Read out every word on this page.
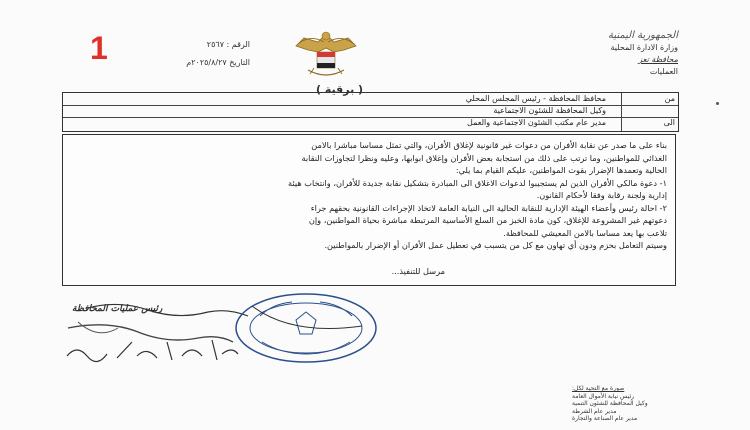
الجمهورية اليمنية
وزارة الادارة المحلية
محافظة تعز
العمليات
الرقم : ٢٥٦٧
التاريخ ٢٠٢٥/٨/٢٧م
1
( برقية )
من
محافظ المحافظة - رئيس المجلس المحلي
وكيل المحافظة للشئون الاجتماعية
الى
مدير عام مكتب الشئون الاجتماعية والعمل
بناء على ما صدر عن نقابة الأفران من دعوات غير قانونية لإغلاق الأفران، والتي تمثل مساسا مباشرا بالامن
الغذائي للمواطنين، وما ترتب على ذلك من استجابة بعض الأفران وإغلاق ابوابها، وعليه ونظرا لتجاوزات النقابة
الحالية وتعمدها الإضرار بقوت المواطنين، عليكم القيام بما يلي:
١- دعوة مالكي الأفران الذين لم يستجيبوا لدعوات الاغلاق الى المبادرة بتشكيل نقابة جديدة للأفران، وانتخاب هيئة
إدارية ولجنة رقابة وفقا لأحكام القانون.
٢- احالة رئيس وأعضاء الهيئة الإدارية للنقابة الحالية الى النيابة العامة لاتخاذ الإجراءات القانونية بحقهم جراء
دعوتهم غير المشروعة للإغلاق، كون مادة الخبز من السلع الأساسية المرتبطة مباشرة بحياة المواطنين، وإن
تلاعب بها يعد مساسا بالامن المعيشي للمحافظة.
وسيتم التعامل بحزم ودون أي تهاون مع كل من يتسبب في تعطيل عمل الأفران أو الإضرار بالمواطنين.
مرسل للتنفيذ...
رئيس عمليات المحافظة
صورة مع التحية لكل:
رئيس نيابة الأموال العامة
وكيل المحافظة للشئون التنمية
مدير عام الشرطة
مدير عام الصناعة والتجارة
